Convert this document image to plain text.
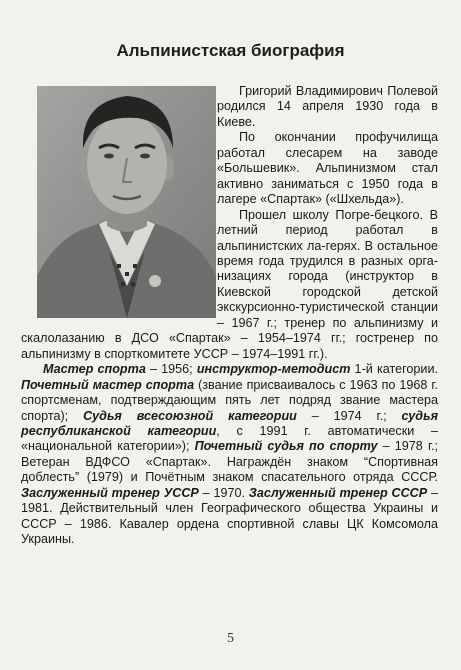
Альпинистская биография

Григорий Владимирович Полевой родился 14 апреля 1930 года в Киеве.

По окончании профучилища работал слесарем на заводе «Большевик». Альпинизмом стал активно заниматься с 1950 года в лагере «Спартак» («Шхельда»).

Прошел школу Погре-бецкого. В летний период работал в альпинистских ла-герях. В остальное время года трудился в разных орга-низациях города (инструктор в Киевской городской детской экскурсионно-туристической станции – 1967 г.; тренер по альпинизму и скалолазанию в ДСО «Спартак» – 1954–1974 гг.; гостренер по альпинизму в спорткомитете УССР – 1974–1991 гг.).

Мастер спорта – 1956; инструктор-методист 1-й категории. Почетный мастер спорта (звание присваивалось с 1963 по 1968 г. спортсменам, подтверждающим пять лет подряд звание мастера спорта); Судья всесоюзной категории – 1974 г.; судья республиканской категории, с 1991 г. автоматически – «национальной категории»); Почетный судья по спорту – 1978 г.; Ветеран ВДФСО «Спартак». Награждён знаком “Спортивная доблесть” (1979) и Почётным знаком спасательного отряда СССР. Заслуженный тренер УССР – 1970. Заслуженный тренер СССР – 1981. Действительный член Географического общества Украины и СССР – 1986. Кавалер ордена спортивной славы ЦК Комсомола Украины.

5
